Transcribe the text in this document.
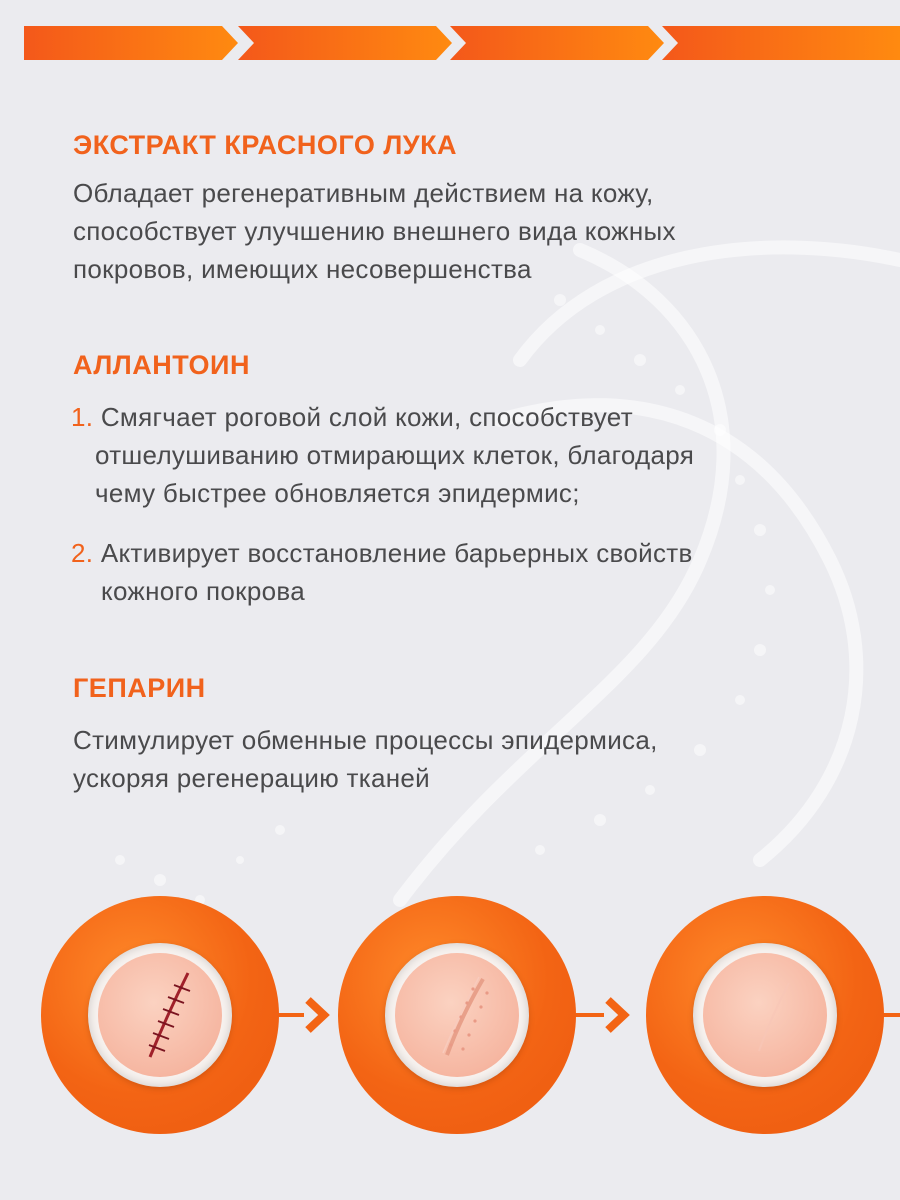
ЭКСТРАКТ КРАСНОГО ЛУКА

Обладает регенеративным действием на кожу,
способствует улучшению внешнего вида кожных
покровов, имеющих несовершенства

АЛЛАНТОИН
1. Смягчает роговой слой кожи, способствует
отшелушиванию отмирающих клеток, благодаря
чему быстрее обновляется эпидермис;
2. Активирует восстановление барьерных свойств
кожного покрова
ГЕПАРИН

Стимулирует обменные процессы эпидермиса,
ускоряя регенерацию тканей
